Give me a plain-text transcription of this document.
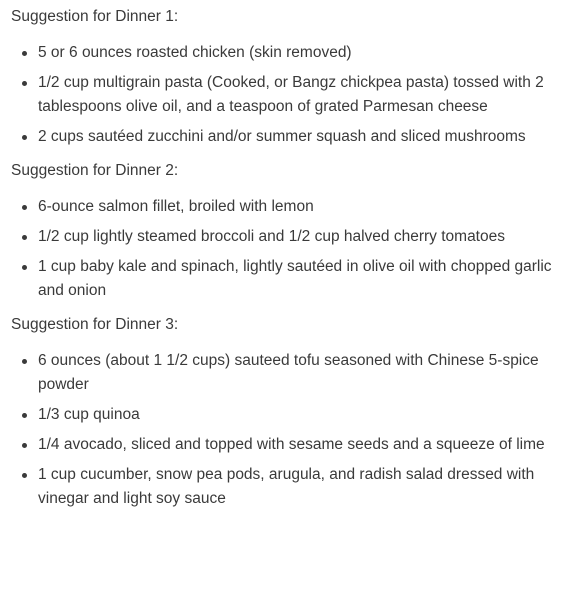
Suggestion for Dinner 1:

5 or 6 ounces roasted chicken (skin removed)
1/2 cup multigrain pasta (Cooked, or Bangz chickpea pasta) tossed with 2 tablespoons olive oil, and a teaspoon of grated Parmesan cheese
2 cups sautéed zucchini and/or summer squash and sliced mushrooms

Suggestion for Dinner 2:

6-ounce salmon fillet, broiled with lemon
1/2 cup lightly steamed broccoli and 1/2 cup halved cherry tomatoes
1 cup baby kale and spinach, lightly sautéed in olive oil with chopped garlic and onion

Suggestion for Dinner 3:

6 ounces (about 1 1/2 cups) sauteed tofu seasoned with Chinese 5-spice powder
1/3 cup quinoa
1/4 avocado, sliced and topped with sesame seeds and a squeeze of lime
1 cup cucumber, snow pea pods, arugula, and radish salad dressed with vinegar and light soy sauce
